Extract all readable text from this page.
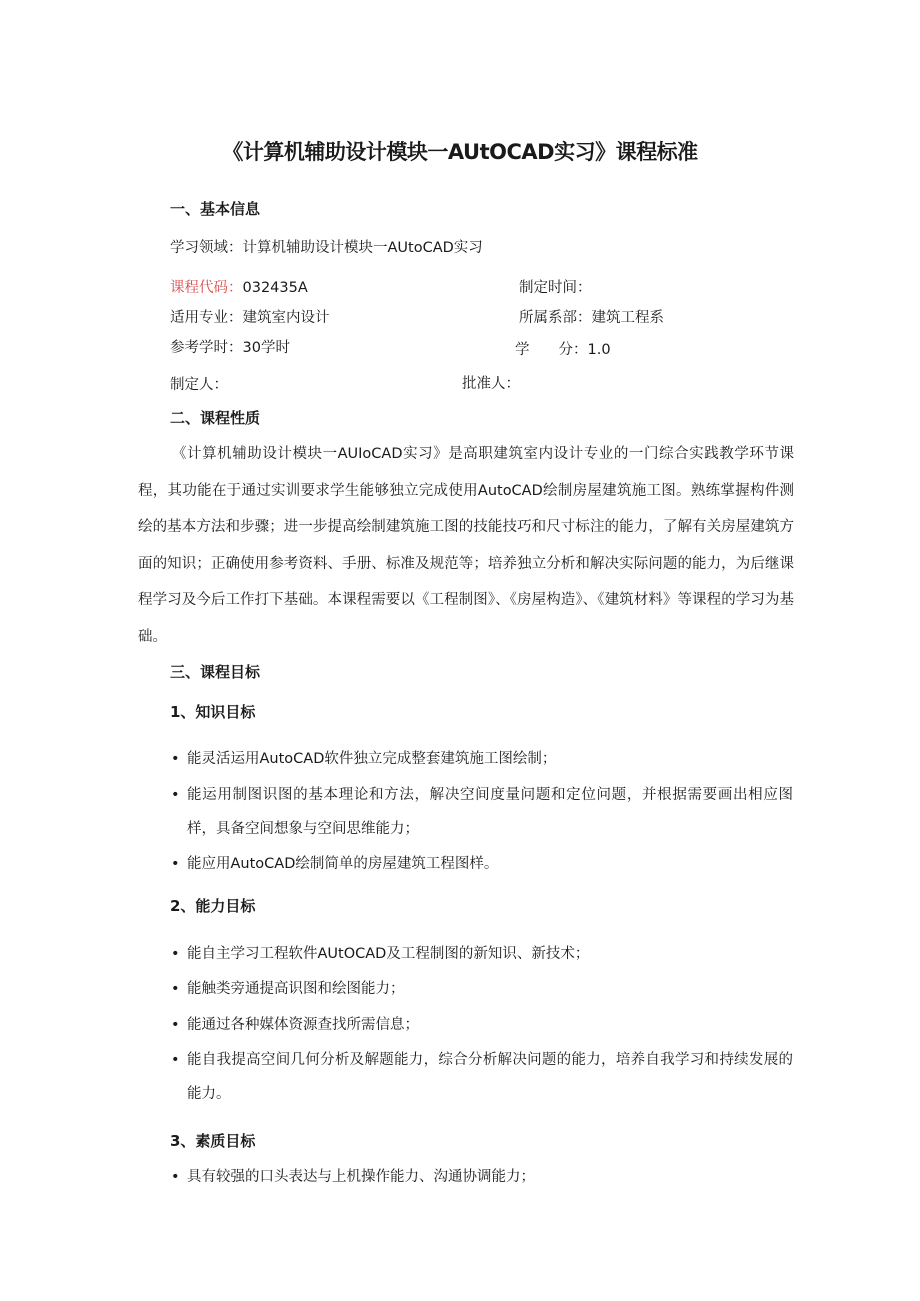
《计算机辅助设计模块一AUtOCAD实习》课程标准
一、基本信息
学习领域：计算机辅助设计模块一AUtoCAD实习
课程代码：032435A	制定时间：
适用专业：建筑室内设计	所属系部：建筑工程系
参考学时：30学时	学　　分：1.0
制定人：	批准人：
二、课程性质
《计算机辅助设计模块一AUIoCAD实习》是高职建筑室内设计专业的一门综合实践教学环节课程，其功能在于通过实训要求学生能够独立完成使用AutoCAD绘制房屋建筑施工图。熟练掌握构件测绘的基本方法和步骤；进一步提高绘制建筑施工图的技能技巧和尺寸标注的能力，了解有关房屋建筑方面的知识；正确使用参考资料、手册、标准及规范等；培养独立分析和解决实际问题的能力，为后继课程学习及今后工作打下基础。本课程需要以《工程制图》、《房屋构造》、《建筑材料》等课程的学习为基础。
三、课程目标
1、知识目标
• 能灵活运用AutoCAD软件独立完成整套建筑施工图绘制；
• 能运用制图识图的基本理论和方法，解决空间度量问题和定位问题，并根据需要画出相应图样，具备空间想象与空间思维能力；
• 能应用AutoCAD绘制简单的房屋建筑工程图样。
2、能力目标
• 能自主学习工程软件AUtOCAD及工程制图的新知识、新技术；
• 能触类旁通提高识图和绘图能力；
• 能通过各种媒体资源查找所需信息；
• 能自我提高空间几何分析及解题能力，综合分析解决问题的能力，培养自我学习和持续发展的能力。
3、素质目标
• 具有较强的口头表达与上机操作能力、沟通协调能力；
